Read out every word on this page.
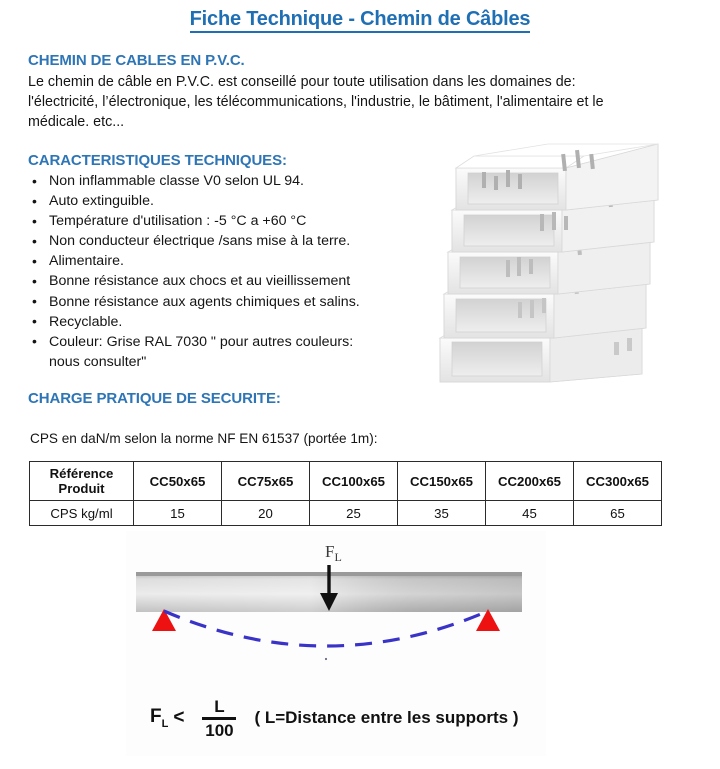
Fiche Technique - Chemin de Câbles
CHEMIN DE CABLES EN P.V.C.
Le chemin de câble en P.V.C. est conseillé pour toute utilisation dans les domaines de: l'électricité, l’électronique, les télécommunications, l'industrie, le bâtiment, l'alimentaire et le médicale. etc...
CARACTERISTIQUES TECHNIQUES:
• Non inflammable classe V0 selon UL 94.
• Auto extinguible.
• Température d'utilisation : -5 °C a +60 °C
• Non conducteur électrique /sans mise à la terre.
• Alimentaire.
• Bonne résistance aux chocs et au vieillissement
• Bonne résistance aux agents chimiques et salins.
• Recyclable.
• Couleur: Grise RAL 7030 " pour autres couleurs:
nous consulter"
CHARGE PRATIQUE DE SECURITE:
CPS en daN/m selon la norme NF EN 61537 (portée 1m):
Référence
Produit	CC50x65	CC75x65	CC100x65	CC150x65	CC200x65	CC300x65
CPS kg/ml	15	20	25	35	45	65
$F_L$
$F_L < \frac{L}{100}$ ( L=Distance entre les supports )
